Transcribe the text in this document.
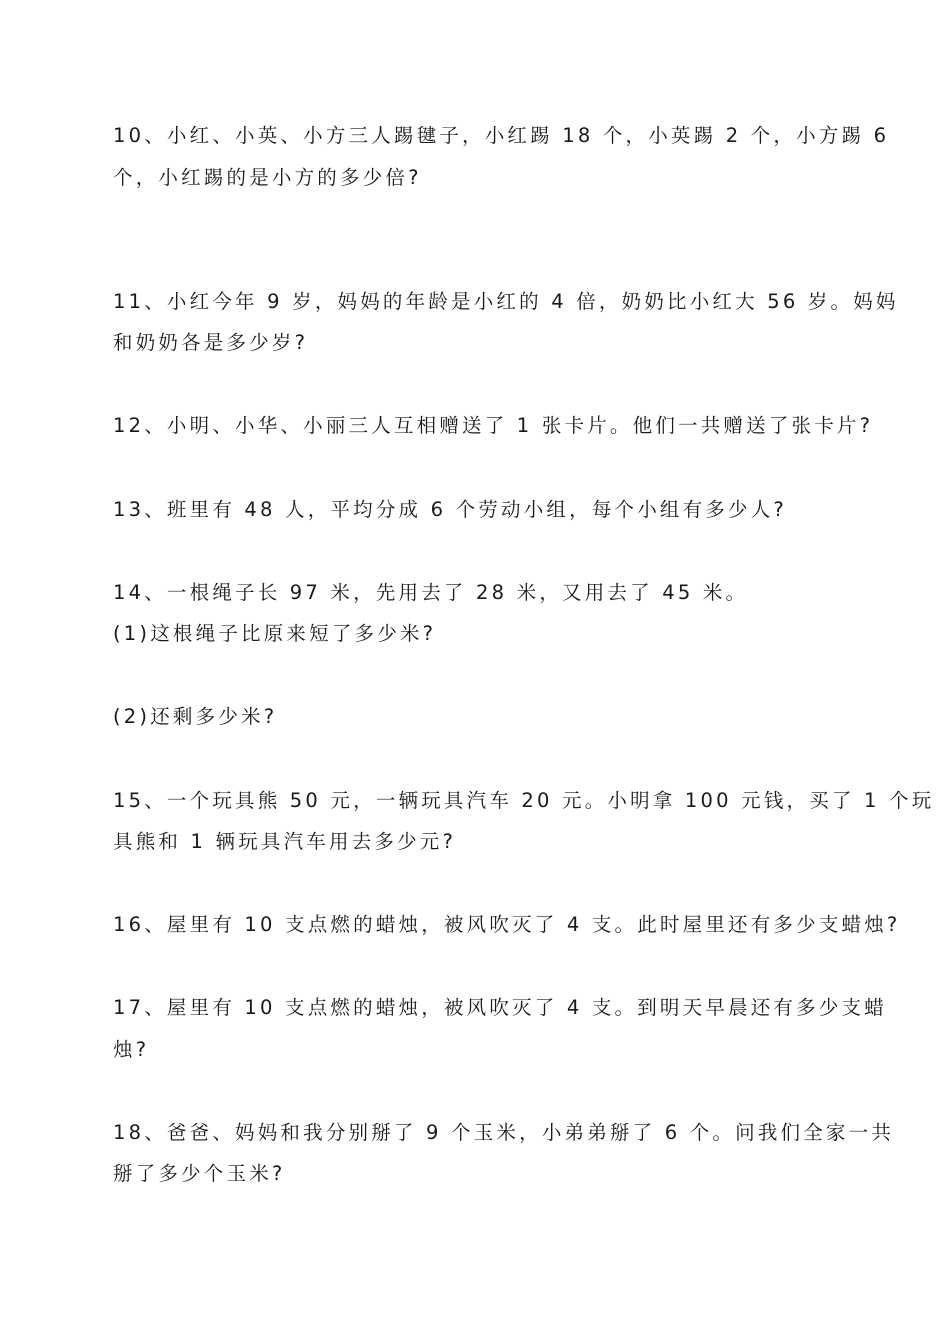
10、小红、小英、小方三人踢毽子，小红踢 18 个，小英踢 2 个，小方踢 6
个，小红踢的是小方的多少倍?
11、小红今年 9 岁，妈妈的年龄是小红的 4 倍，奶奶比小红大 56 岁。妈妈
和奶奶各是多少岁?
12、小明、小华、小丽三人互相赠送了 1 张卡片。他们一共赠送了张卡片?
13、班里有 48 人，平均分成 6 个劳动小组，每个小组有多少人?
14、一根绳子长 97 米，先用去了 28 米，又用去了 45 米。
(1)这根绳子比原来短了多少米?
(2)还剩多少米?
15、一个玩具熊 50 元，一辆玩具汽车 20 元。小明拿 100 元钱，买了 1 个玩
具熊和 1 辆玩具汽车用去多少元?
16、屋里有 10 支点燃的蜡烛，被风吹灭了 4 支。此时屋里还有多少支蜡烛?
17、屋里有 10 支点燃的蜡烛，被风吹灭了 4 支。到明天早晨还有多少支蜡
烛?
18、爸爸、妈妈和我分别掰了 9 个玉米，小弟弟掰了 6 个。问我们全家一共
掰了多少个玉米?
